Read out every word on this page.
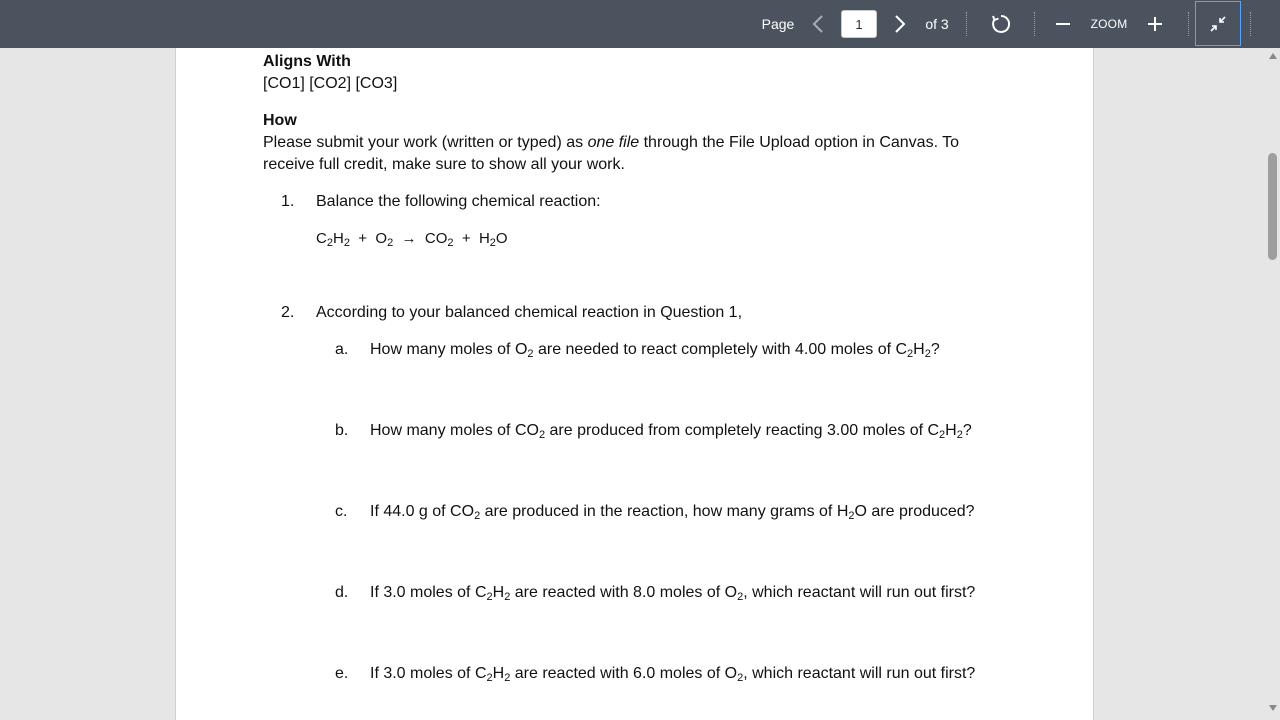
Page
1	of 3	ZOOM
Aligns With
[CO1] [CO2] [CO3]
How
Please submit your work (written or typed) as one file through the File Upload option in Canvas. To receive full credit, make sure to show all your work.
1. Balance the following chemical reaction:
$C_2H_2 + O_2 \to CO_2 + H_2O$
2. According to your balanced chemical reaction in Question 1,
a. How many moles of $O_2$ are needed to react completely with 4.00 moles of $C_2H_2$?
b. How many moles of $CO_2$ are produced from completely reacting 3.00 moles of $C_2H_2$?
c. If 44.0 g of $CO_2$ are produced in the reaction, how many grams of $H_2O$ are produced?
d. If 3.0 moles of $C_2H_2$ are reacted with 8.0 moles of $O_2$, which reactant will run out first?
e. If 3.0 moles of $C_2H_2$ are reacted with 6.0 moles of $O_2$, which reactant will run out first?
